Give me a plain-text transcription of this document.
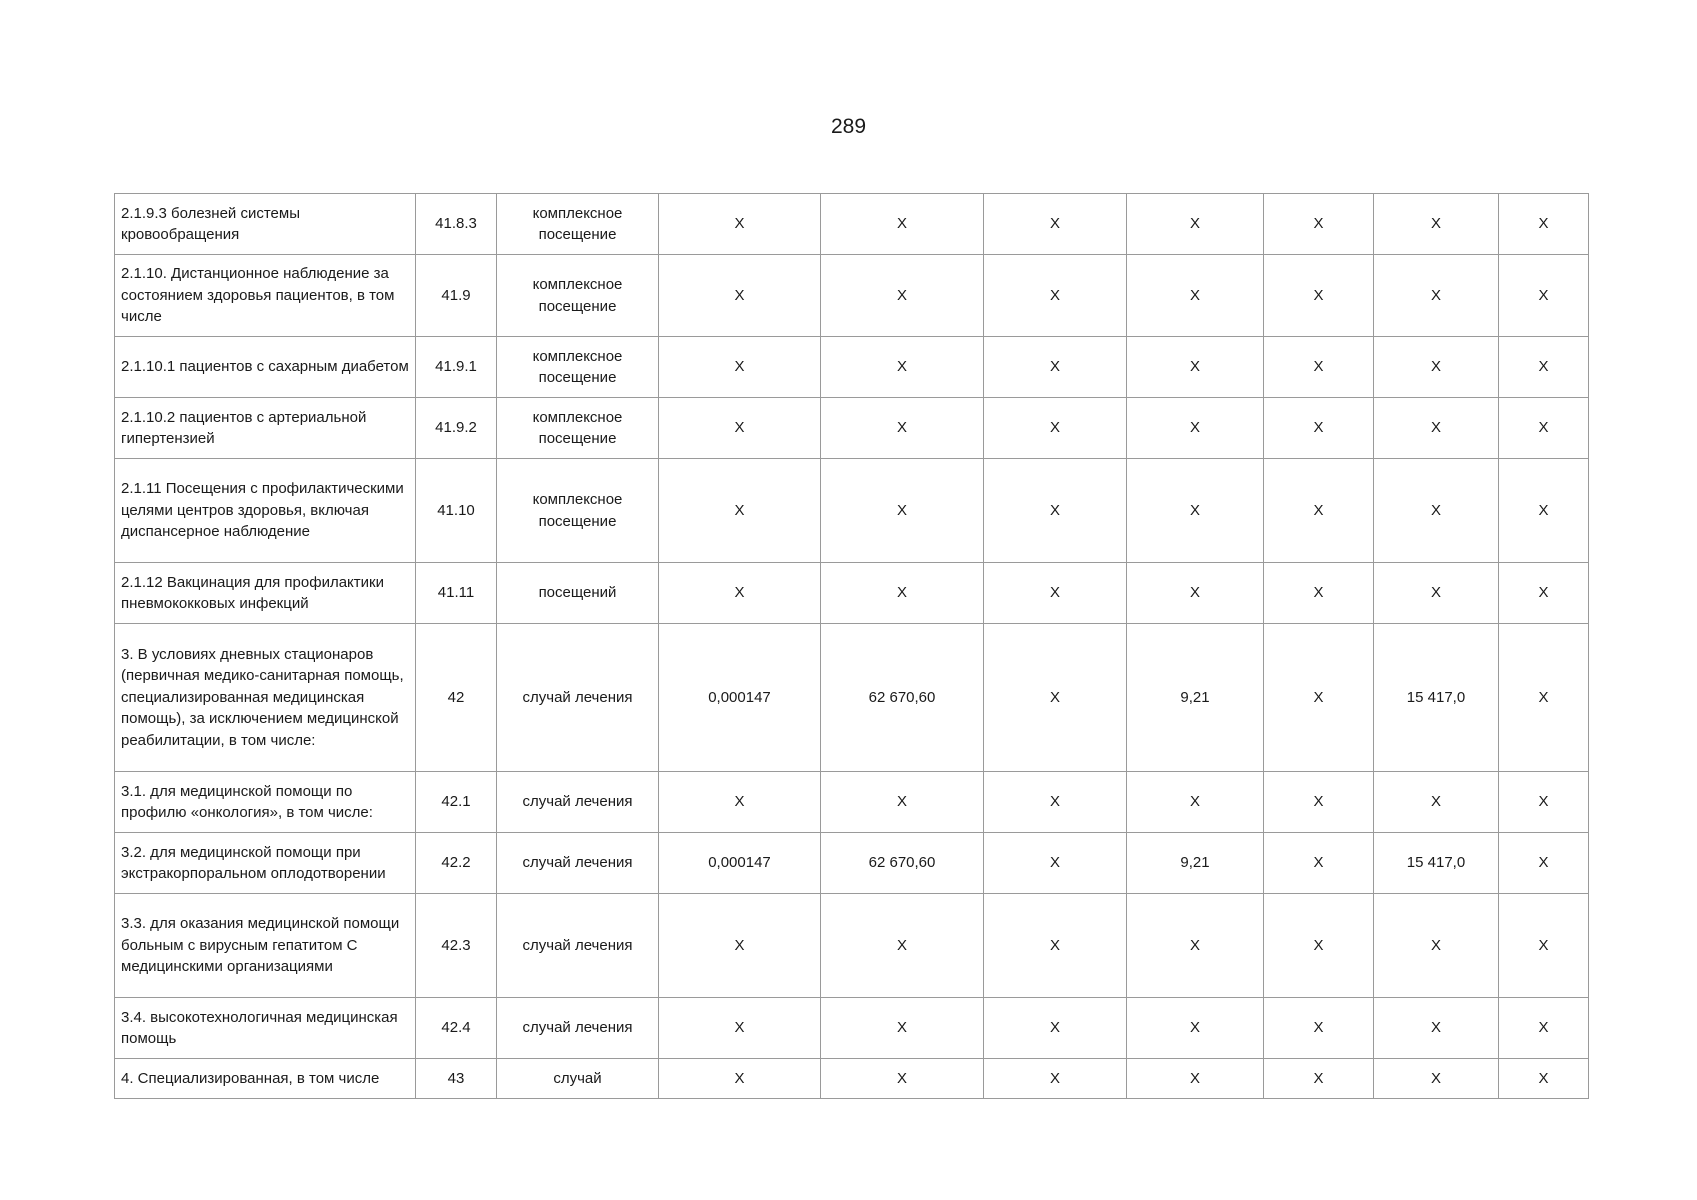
289
2.1.9.3 болезней системы кровообращения	41.8.3	комплексное посещение	X	X	X	X	X	X	X
2.1.10. Дистанционное наблюдение за состоянием здоровья пациентов, в том числе	41.9	комплексное посещение	X	X	X	X	X	X	X
2.1.10.1 пациентов с сахарным диабетом	41.9.1	комплексное посещение	X	X	X	X	X	X	X
2.1.10.2 пациентов с артериальной гипертензией	41.9.2	комплексное посещение	X	X	X	X	X	X	X
2.1.11 Посещения с профилактическими целями центров здоровья, включая диспансерное наблюдение	41.10	комплексное посещение	X	X	X	X	X	X	X
2.1.12 Вакцинация для профилактики пневмококковых инфекций	41.11	посещений	X	X	X	X	X	X	X
3. В условиях дневных стационаров (первичная медико-санитарная помощь, специализированная медицинская помощь), за исключением медицинской реабилитации, в том числе:	42	случай лечения	0,000147	62 670,60	X	9,21	X	15 417,0	X
3.1. для медицинской помощи по профилю «онкология», в том числе:	42.1	случай лечения	X	X	X	X	X	X	X
3.2. для медицинской помощи при экстракорпоральном оплодотворении	42.2	случай лечения	0,000147	62 670,60	X	9,21	X	15 417,0	X
3.3. для оказания медицинской помощи больным с вирусным гепатитом С медицинскими организациями	42.3	случай лечения	X	X	X	X	X	X	X
3.4. высокотехнологичная медицинская помощь	42.4	случай лечения	X	X	X	X	X	X	X
4. Специализированная, в том числе	43	случай	X	X	X	X	X	X	X
